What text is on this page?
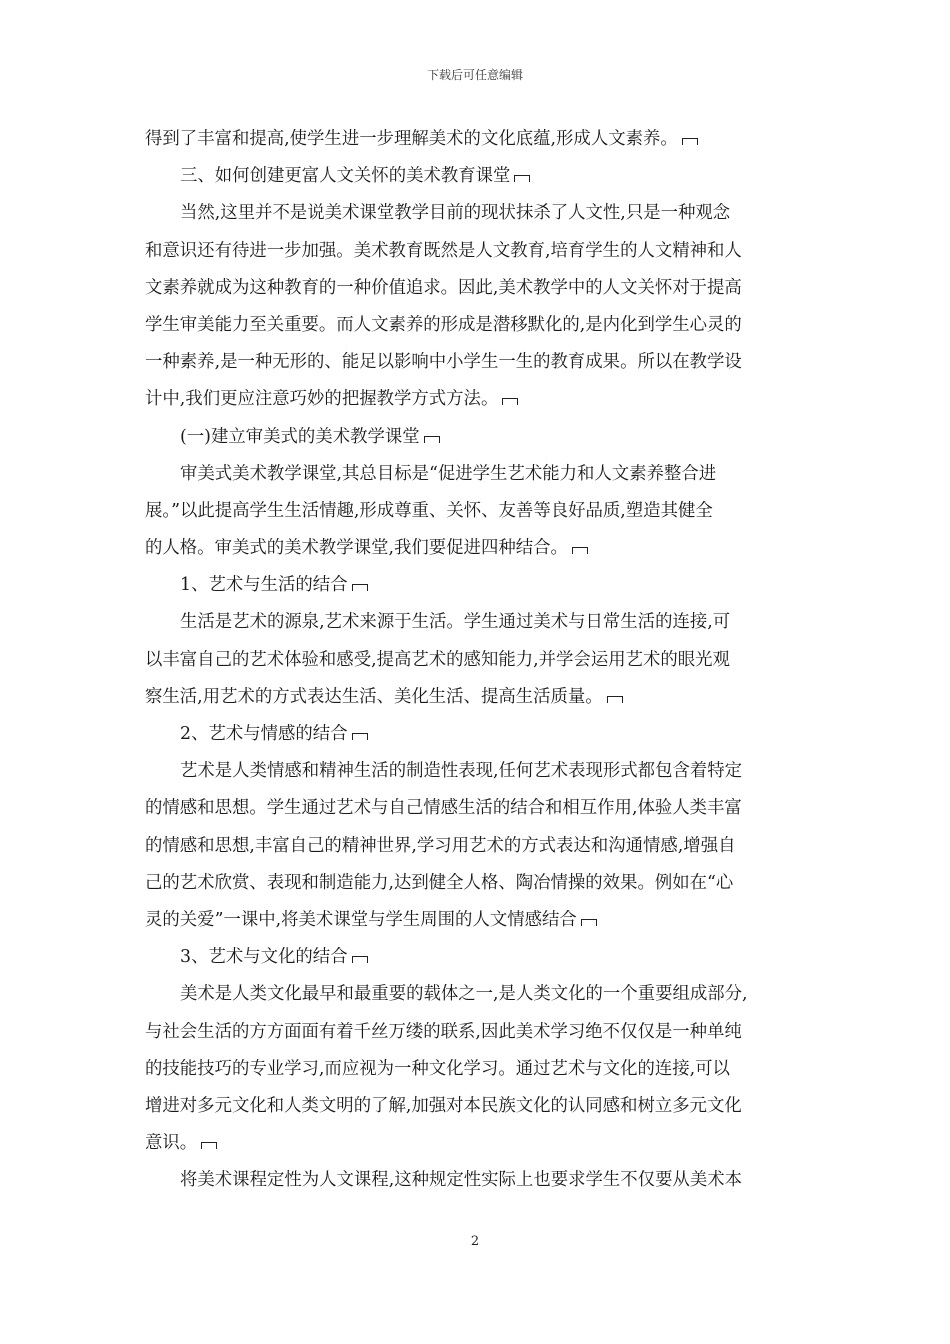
下载后可任意编辑
得到了丰富和提高,使学生进一步理解美术的文化底蕴,形成人文素养。
三、如何创建更富人文关怀的美术教育课堂
当然,这里并不是说美术课堂教学目前的现状抹杀了人文性,只是一种观念
和意识还有待进一步加强。美术教育既然是人文教育,培育学生的人文精神和人
文素养就成为这种教育的一种价值追求。因此,美术教学中的人文关怀对于提高
学生审美能力至关重要。而人文素养的形成是潜移默化的,是内化到学生心灵的
一种素养,是一种无形的、能足以影响中小学生一生的教育成果。所以在教学设
计中,我们更应注意巧妙的把握教学方式方法。
(一)建立审美式的美术教学课堂
审美式美术教学课堂,其总目标是“促进学生艺术能力和人文素养整合进
展。”以此提高学生生活情趣,形成尊重、关怀、友善等良好品质,塑造其健全
的人格。审美式的美术教学课堂,我们要促进四种结合。
1、艺术与生活的结合
生活是艺术的源泉,艺术来源于生活。学生通过美术与日常生活的连接,可
以丰富自己的艺术体验和感受,提高艺术的感知能力,并学会运用艺术的眼光观
察生活,用艺术的方式表达生活、美化生活、提高生活质量。
2、艺术与情感的结合
艺术是人类情感和精神生活的制造性表现,任何艺术表现形式都包含着特定
的情感和思想。学生通过艺术与自己情感生活的结合和相互作用,体验人类丰富
的情感和思想,丰富自己的精神世界,学习用艺术的方式表达和沟通情感,增强自
己的艺术欣赏、表现和制造能力,达到健全人格、陶冶情操的效果。例如在“心
灵的关爱”一课中,将美术课堂与学生周围的人文情感结合
3、艺术与文化的结合
美术是人类文化最早和最重要的载体之一,是人类文化的一个重要组成部分,
与社会生活的方方面面有着千丝万缕的联系,因此美术学习绝不仅仅是一种单纯
的技能技巧的专业学习,而应视为一种文化学习。通过艺术与文化的连接,可以
增进对多元文化和人类文明的了解,加强对本民族文化的认同感和树立多元文化
意识。
将美术课程定性为人文课程,这种规定性实际上也要求学生不仅要从美术本
2
